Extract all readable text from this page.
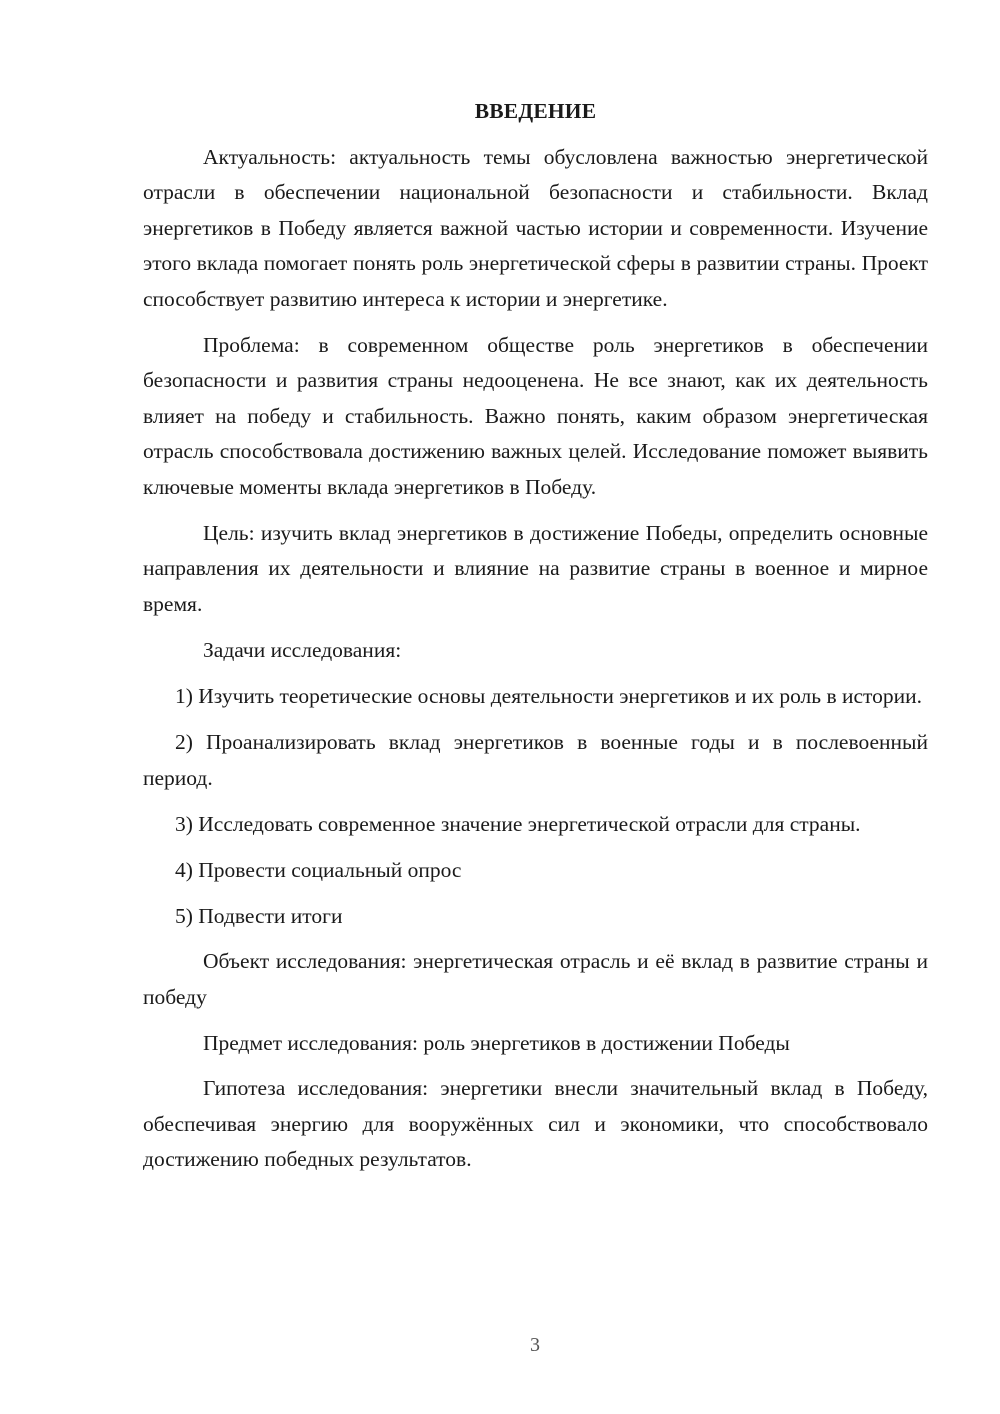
ВВЕДЕНИЕ

Актуальность: актуальность темы обусловлена важностью энергетической отрасли в обеспечении национальной безопасности и стабильности. Вклад энергетиков в Победу является важной частью истории и современности. Изучение этого вклада помогает понять роль энергетической сферы в развитии страны. Проект способствует развитию интереса к истории и энергетике.

Проблема: в современном обществе роль энергетиков в обеспечении безопасности и развития страны недооценена. Не все знают, как их деятельность влияет на победу и стабильность. Важно понять, каким образом энергетическая отрасль способствовала достижению важных целей. Исследование поможет выявить ключевые моменты вклада энергетиков в Победу.

Цель: изучить вклад энергетиков в достижение Победы, определить основные направления их деятельности и влияние на развитие страны в военное и мирное время.

Задачи исследования:

1) Изучить теоретические основы деятельности энергетиков и их роль в истории.

2) Проанализировать вклад энергетиков в военные годы и в послевоенный период.

3) Исследовать современное значение энергетической отрасли для страны.

4) Провести социальный опрос

5) Подвести итоги

Объект исследования: энергетическая отрасль и её вклад в развитие страны и победу

Предмет исследования: роль энергетиков в достижении Победы

Гипотеза исследования: энергетики внесли значительный вклад в Победу, обеспечивая энергию для вооружённых сил и экономики, что способствовало достижению победных результатов.

3
